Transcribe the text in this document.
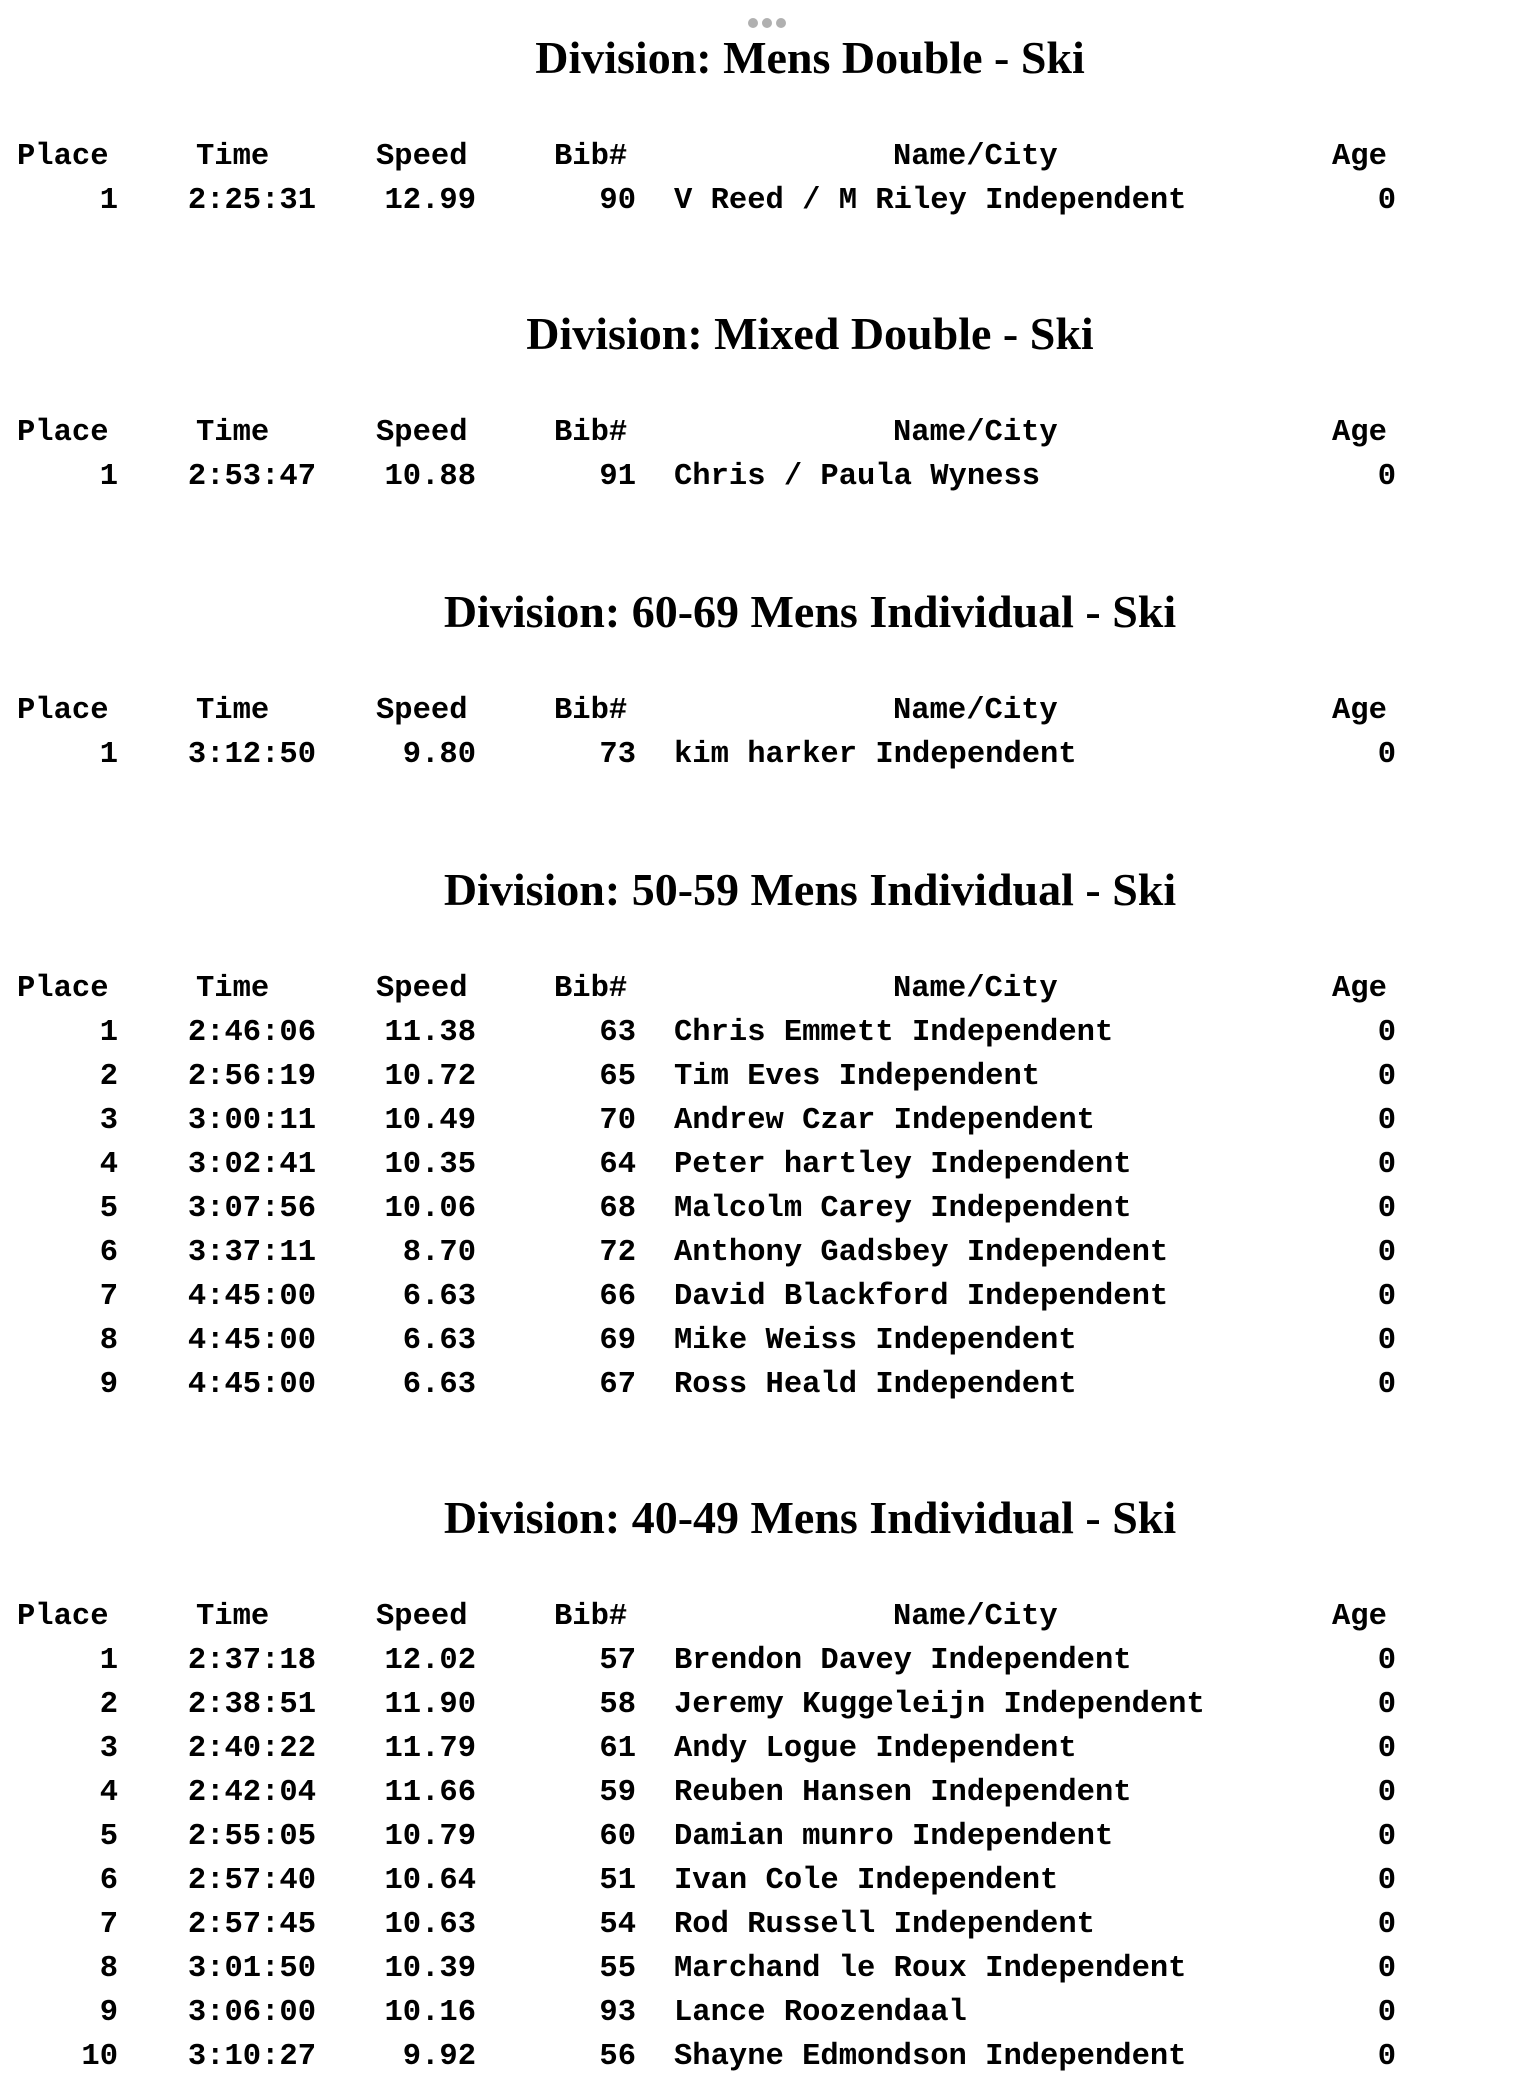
Division: Mens Double - Ski
Place	Time	Speed	Bib#	Name/City	Age
1	2:25:31	12.99	90 V Reed / M Riley Independent	0
Division: Mixed Double - Ski
Place	Time	Speed	Bib#	Name/City	Age
1	2:53:47	10.88	91 Chris / Paula Wyness	0
Division: 60-69 Mens Individual - Ski
Place	Time	Speed	Bib#	Name/City	Age
1	3:12:50	9.80	73 kim harker Independent	0
Division: 50-59 Mens Individual - Ski
Place	Time	Speed	Bib#	Name/City	Age
1	2:46:06	11.38	63 Chris Emmett Independent	0
2	2:56:19	10.72	65 Tim Eves Independent	0
3	3:00:11	10.49	70 Andrew Czar Independent	0
4	3:02:41	10.35	64 Peter hartley Independent	0
5	3:07:56	10.06	68 Malcolm Carey Independent	0
6	3:37:11	8.70	72 Anthony Gadsbey Independent	0
7	4:45:00	6.63	66 David Blackford Independent	0
8	4:45:00	6.63	69 Mike Weiss Independent	0
9	4:45:00	6.63	67 Ross Heald Independent	0
Division: 40-49 Mens Individual - Ski
Place	Time	Speed	Bib#	Name/City	Age
1	2:37:18	12.02	57 Brendon Davey Independent	0
2	2:38:51	11.90	58 Jeremy Kuggeleijn Independent	0
3	2:40:22	11.79	61 Andy Logue Independent	0
4	2:42:04	11.66	59 Reuben Hansen Independent	0
5	2:55:05	10.79	60 Damian munro Independent	0
6	2:57:40	10.64	51 Ivan Cole Independent	0
7	2:57:45	10.63	54 Rod Russell Independent	0
8	3:01:50	10.39	55 Marchand le Roux Independent	0
9	3:06:00	10.16	93 Lance Roozendaal	0
10	3:10:27	9.92	56 Shayne Edmondson Independent	0
